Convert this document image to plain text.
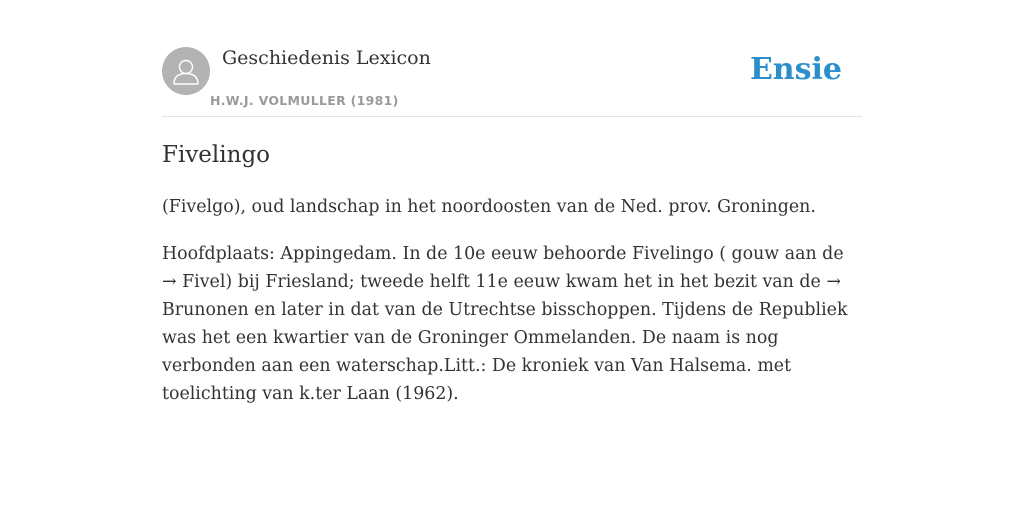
Geschiedenis Lexicon
H.W.J. VOLMULLER (1981)
Ensie
Fivelingo

(Fivelgo), oud landschap in het noordoosten van de Ned. prov. Groningen.

Hoofdplaats: Appingedam. In de 10e eeuw behoorde Fivelingo ( gouw aan de → Fivel) bij Friesland; tweede helft 11e eeuw kwam het in het bezit van de → Brunonen en later in dat van de Utrechtse bisschoppen. Tijdens de Republiek was het een kwartier van de Groninger Ommelanden. De naam is nog verbonden aan een waterschap.Litt.: De kroniek van Van Halsema. met toelichting van k.ter Laan (1962).
